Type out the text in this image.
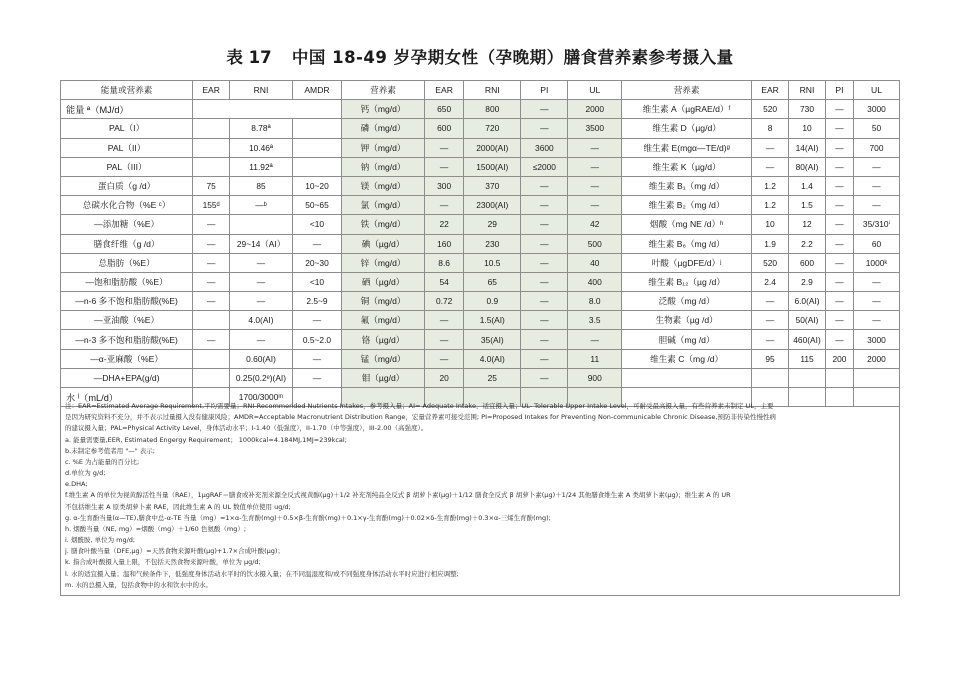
表 17 中国 18-49 岁孕期女性（孕晚期）膳食营养素参考摄入量
能量或营养素	EAR	RNI	AMDR	营养素	EAR	RNI	PI	UL	营养素	EAR	RNI	PI	UL
能量 ª（MJ/d）				钙（mg/d）	650	800	—	2000	维生素 A（µgRAE/d）ᶠ	520	730	—	3000
PAL（I）		8.78ª		磷（mg/d）	600	720	—	3500	维生素 D（µg/d）	8	10	—	50
PAL（II）		10.46ª		钾（mg/d）	—	2000(AI)	3600	—	维生素 E(mgα—TE/d)ᵍ	—	14(AI)	—	700
PAL（III）		11.92ª		钠（mg/d）	—	1500(AI)	≤2000	—	维生素 K（µg/d）	—	80(AI)	—	—
蛋白质（g /d）	75	85	10~20	镁（mg/d）	300	370	—	—	维生素 B₁（mg /d）	1.2	1.4	—	—
总碳水化合物（%E ᶜ）	155ᵈ	—ᵇ	50~65	氯（mg/d）	—	2300(AI)	—	—	维生素 B₂（mg /d）	1.2	1.5	—	—
—添加糖（%E）	—		<10	铁（mg/d）	22	29	—	42	烟酸（mg NE /d）ʰ	10	12	—	35/310ⁱ
膳食纤维（g /d）	—	29~14（AI）	—	碘（µg/d）	160	230	—	500	维生素 B₆（mg /d）	1.9	2.2	—	60
总脂肪（%E）	—	—	20~30	锌（mg/d）	8.6	10.5	—	40	叶酸（µgDFE/d）ʲ	520	600	—	1000ᵏ
—饱和脂肪酸（%E）	—	—	<10	硒（µg/d）	54	65	—	400	维生素 B₁₂（µg /d）	2.4	2.9	—	—
—n-6 多不饱和脂肪酸(%E)	—	—	2.5~9	铜（mg/d）	0.72	0.9	—	8.0	泛酸（mg /d）	—	6.0(AI)	—	—
—亚油酸（%E）		4.0(AI)	—	氟（mg/d）	—	1.5(AI)	—	3.5	生物素（µg /d）	—	50(AI)	—	—
—n-3 多不饱和脂肪酸(%E)	—	—	0.5~2.0	铬（µg/d）	—	35(AI)	—	—	胆碱（mg /d）	—	460(AI)	—	3000
—α-亚麻酸（%E）		0.60(AI)	—	锰（mg/d）	—	4.0(AI)	—	11	维生素 C（mg /d）	95	115	200	2000
—DHA+EPA(g/d)		0.25(0.2ᵉ)(AI)	—	钼（µg/d）	20	25	—	900					
水 ˡ（mL/d）		1700/3000ᵐ											
注：EAR=Estimated Average Requirement,平均需要量；RNI-Recommended Nutrients Intakes，参考摄入量；AI= Adequate Intake，适宜摄入量；UL- Tolerable Upper Intake Level，可耐受最高摄入量，有些营养素未制定 UL，主要
是因为研究资料不充分，并不表示过量摄入没有健康风险；AMDR=Acceptable Macronutrient Distribution Range，宏量营养素可接受范围; PI=Proposed Intakes for Preventing Non-communicable Chronic Disease,预防非传染性慢性病
的建议摄入量；PAL=Physical Activity Level，身体活动水平；I-1.40（低强度），II-1.70（中等强度），III-2.00（高强度）。
a. 能量需要量,EER, Estimated Engergy Requirement； 1000kcal=4.184MJ,1MJ=239kcal;
b.未制定参考值者用 "—" 表示;
c. %E 为占能量的百分比;
d.单位为 g/d;
e.DHA;
f.维生素 A 的单位为视黄醇活性当量（RAE），1µgRAF＝膳食或补充剂来源全反式视黄醇(µg)＋1/2 补充剂纯品全反式 β 胡萝卜素(µg)＋1/12 膳食全反式 β 胡萝卜素(µg)＋1/24 其他膳食维生素 A 类胡萝卜素(µg)；维生素 A 的 UR
不包括维生素 A 原类胡萝卜素 RAE，因此维生素 A 的 UL 数值单位使用 ug/d;
g. α-生育酚当量(α—TE),膳食中总-α-TE 当量（mg）=1×α-生育酚(mg)＋0.5×β-生育酚(mg)＋0.1×γ-生育酚(mg)＋0.02×δ-生育酚(mg)＋0.3×α-三烯生育酚(mg);
h. 烟酸当量（NE, mg）=烟酸（mg）＋1/60 色氨酸（mg）;
i. 烟酰胺, 单位为 mg/d;
j. 膳食叶酸当量（DFE,µg）=天然食物来源叶酸(µg)+1.7×合成叶酸(µg)；
k. 指合成叶酸摄入量上限，不包括天然食物来源叶酸，单位为 µg/d;
l. 水的适宜摄入量；温和气候条件下，低强度身体活动水平时的饮水摄入量；在不同温湿度和/或不同强度身体活动水平时应进行相应调整;
m. 水的总摄入量，包括食物中的水和饮水中的水。
